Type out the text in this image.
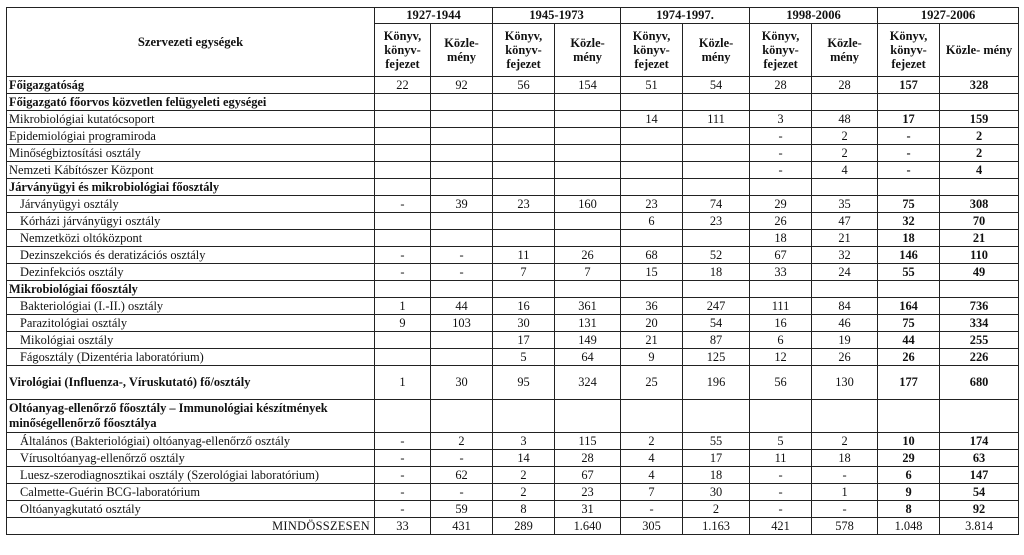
Szervezeti egységek	1927-1944		1945-1973		1974-1997.		1998-2006		1927-2006	
	Könyv, könyv- fejezet	Közle- mény	Könyv, könyv- fejezet	Közle- mény	Könyv, könyv- fejezet	Közle- mény	Könyv, könyv- fejezet	Közle- mény	Könyv, könyv- fejezet	Közle- mény
Főigazgatóság	22	92	56	154	51	54	28	28	157	328
Főigazgató főorvos közvetlen felügyeleti egységei										
Mikrobiológiai kutatócsoport					14	111	3	48	17	159
Epidemiológiai programiroda							-	2	-	2
Minőségbiztosítási osztály							-	2	-	2
Nemzeti Kábítószer Központ							-	4	-	4
Járványügyi és mikrobiológiai főosztály										
Járványügyi osztály	-	39	23	160	23	74	29	35	75	308
Kórházi járványügyi osztály					6	23	26	47	32	70
Nemzetközi oltóközpont							18	21	18	21
Dezinszekciós és deratizációs osztály	-	-	11	26	68	52	67	32	146	110
Dezinfekciós osztály	-	-	7	7	15	18	33	24	55	49
Mikrobiológiai főosztály										
Bakteriológiai (I.-II.) osztály	1	44	16	361	36	247	111	84	164	736
Parazitológiai osztály	9	103	30	131	20	54	16	46	75	334
Mikológiai osztály			17	149	21	87	6	19	44	255
Fágosztály (Dizentéria laboratórium)			5	64	9	125	12	26	26	226
Virológiai (Influenza-, Víruskutató) fő/osztály	1	30	95	324	25	196	56	130	177	680
Oltóanyag-ellenőrző főosztály – Immunológiai készítmények minőségellenőrző főosztálya										
Általános (Bakteriológiai) oltóanyag-ellenőrző osztály	-	2	3	115	2	55	5	2	10	174
Vírusoltóanyag-ellenőrző osztály	-	-	14	28	4	17	11	18	29	63
Luesz-szerodiagnosztikai osztály (Szerológiai laboratórium)	-	62	2	67	4	18	-	-	6	147
Calmette-Guérin BCG-laboratórium	-	-	2	23	7	30	-	1	9	54
Oltóanyagkutató osztály	-	59	8	31	-	2	-	-	8	92
MINDÖSSZESEN	33	431	289	1.640	305	1.163	421	578	1.048	3.814
